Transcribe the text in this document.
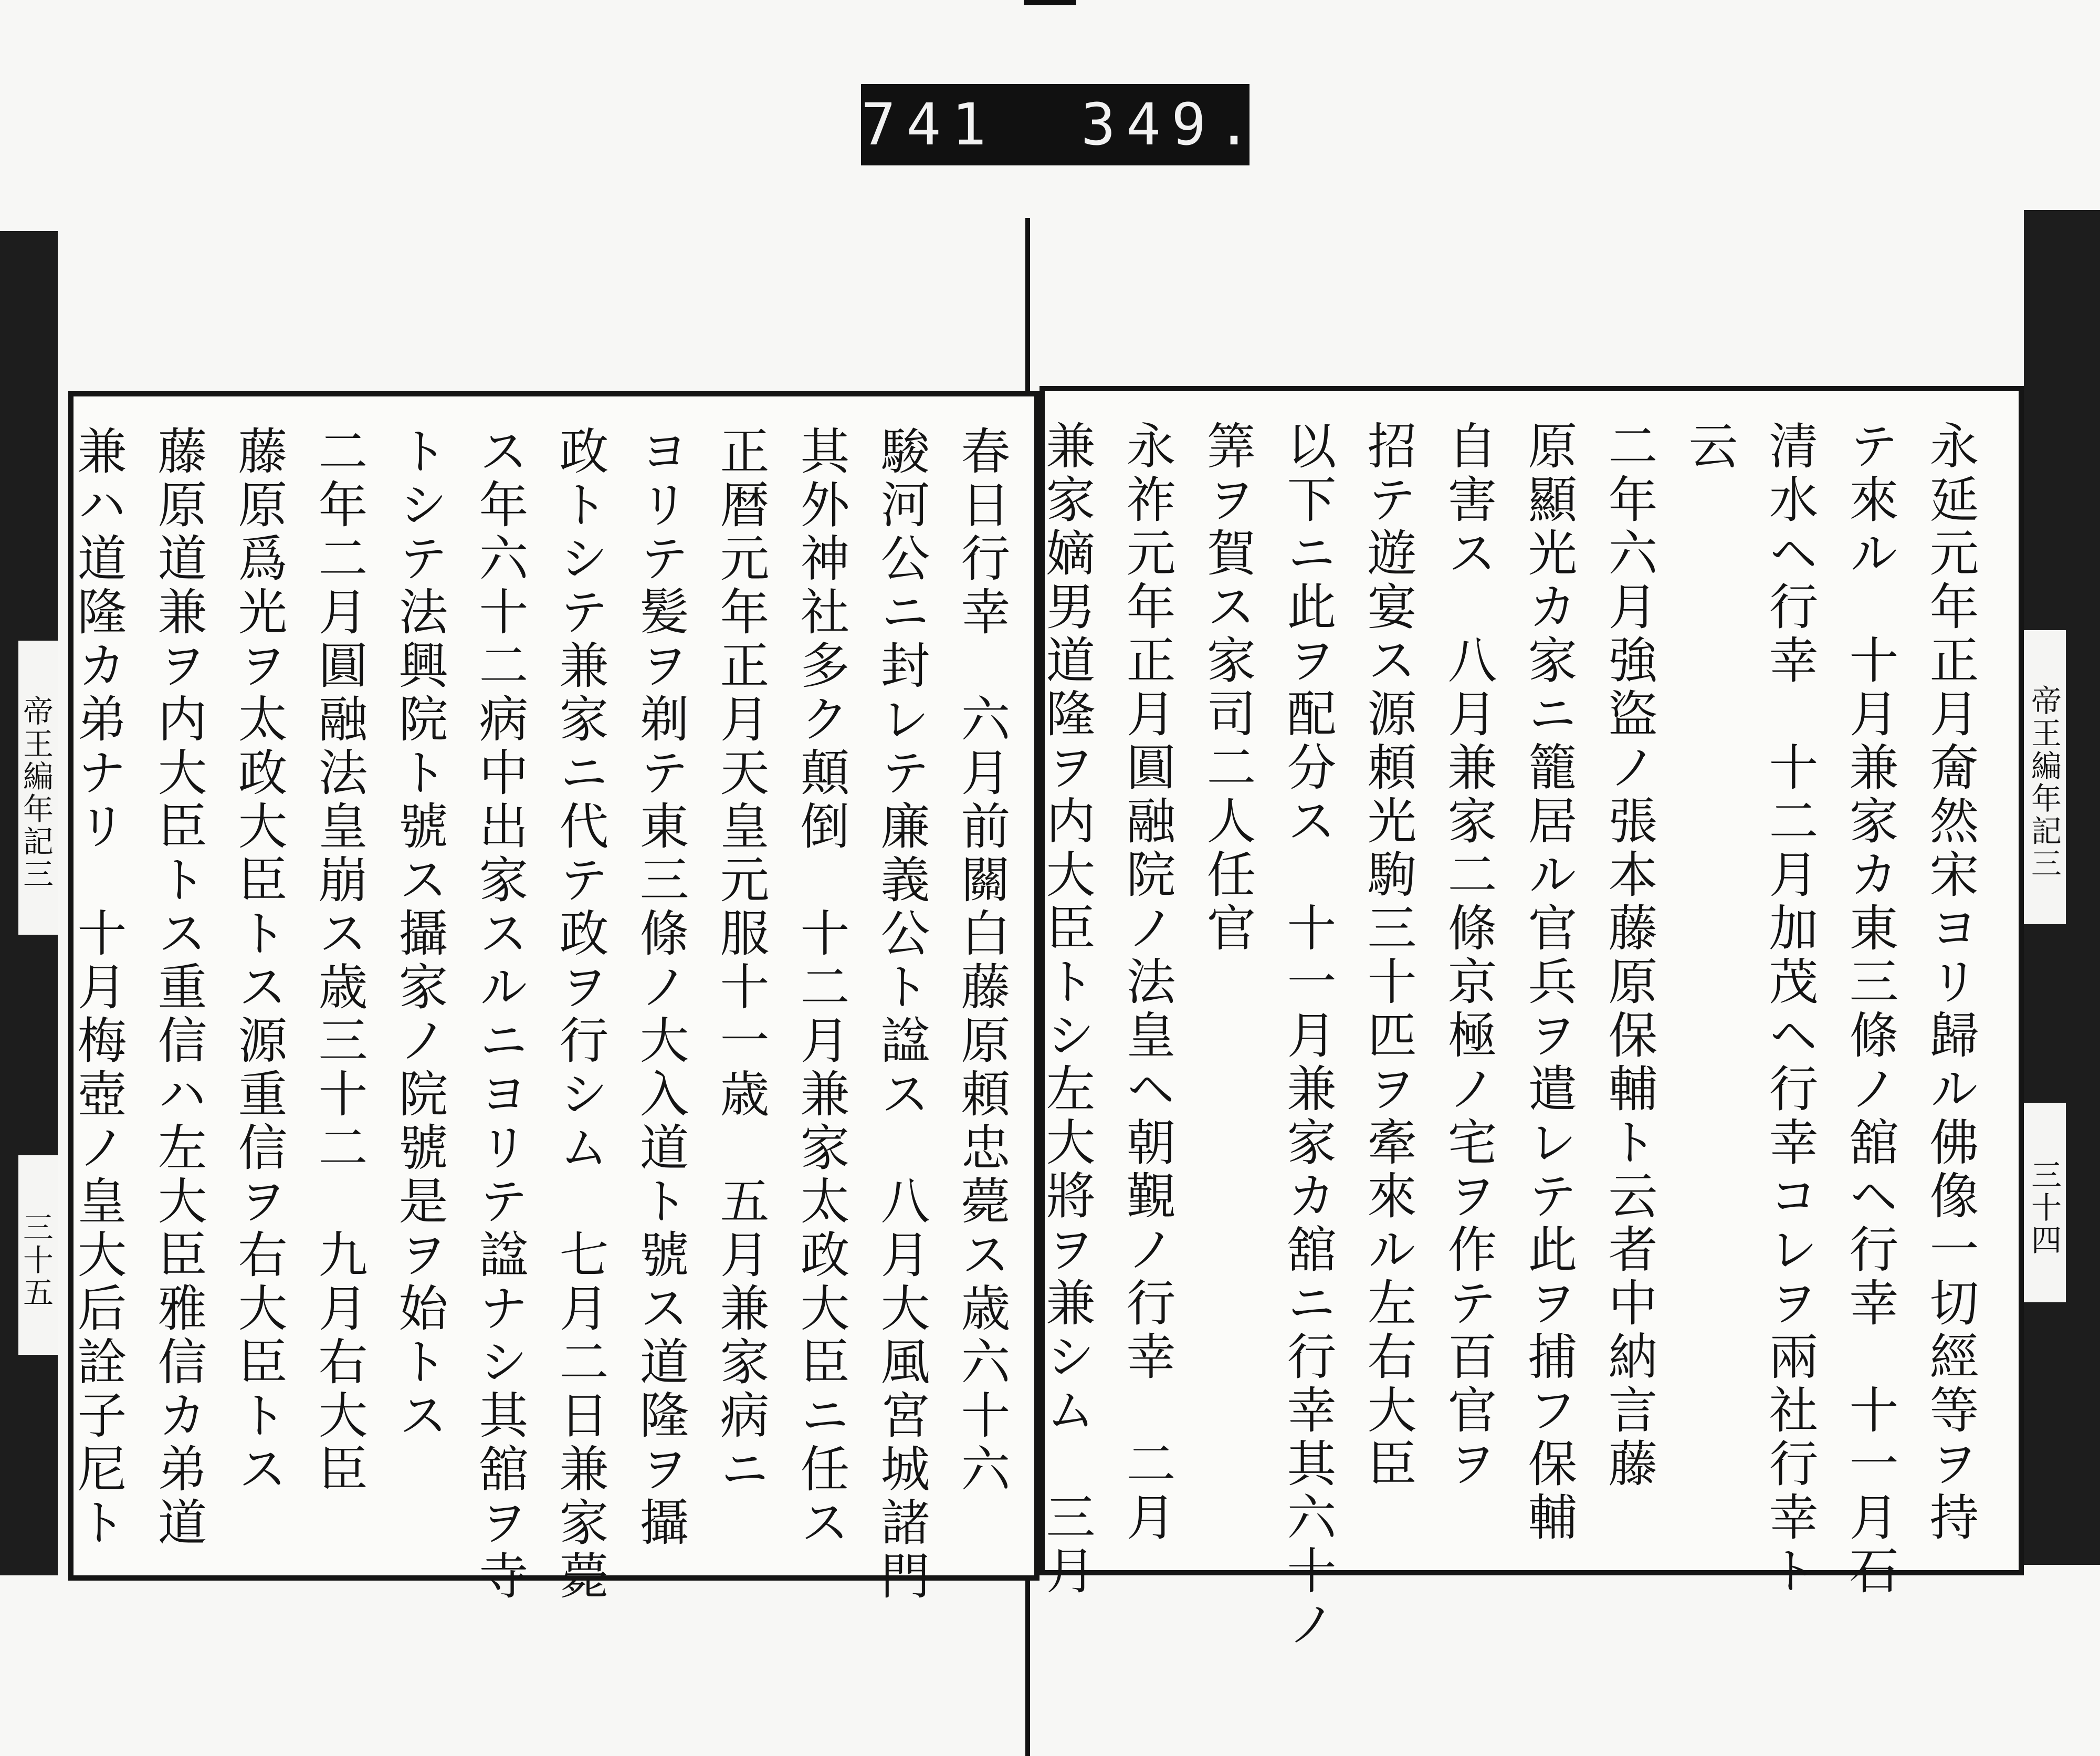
741 349.
帝王編年記三
三十五
帝王編年記三
三十四
永延元年正月奝然宋ヨリ歸ル佛像一切經等ヲ持
テ來ル　十月兼家カ東三條ノ舘ヘ行幸　十一月石
清水ヘ行幸　十二月加茂ヘ行幸コレヲ兩社行幸ト
云
二年六月強盜ノ張本藤原保輔ト云者中納言藤
原顯光カ家ニ籠居ル官兵ヲ遣レテ此ヲ捕フ保輔
自害ス　八月兼家二條京極ノ宅ヲ作テ百官ヲ
招テ遊宴ス源頼光駒三十匹ヲ牽來ル左右大臣
以下ニ此ヲ配分ス　十一月兼家カ舘ニ行幸其六十ノ
筭ヲ賀ス家司二人任官
永祚元年正月圓融院ノ法皇ヘ朝覲ノ行幸　二月
兼家嫡男道隆ヲ内大臣トシ左大將ヲ兼シム　三月
春日行幸　六月前關白藤原頼忠薨ス歳六十六
駿河公ニ封レテ廉義公ト諡ス　八月大風宮城諸門
其外神社多ク顛倒　十二月兼家太政大臣ニ任ス
正暦元年正月天皇元服十一歳　五月兼家病ニ
ヨリテ髪ヲ剃テ東三條ノ大入道ト號ス道隆ヲ攝
政トシテ兼家ニ代テ政ヲ行シム　七月二日兼家薨
ス年六十二病中出家スルニヨリテ諡ナシ其舘ヲ寺
トシテ法興院ト號ス攝家ノ院號是ヲ始トス
二年二月圓融法皇崩ス歳三十二　九月右大臣
藤原爲光ヲ太政大臣トス源重信ヲ右大臣トス
藤原道兼ヲ内大臣トス重信ハ左大臣雅信カ弟道
兼ハ道隆カ弟ナリ　十月梅壺ノ皇大后詮子尼ト
